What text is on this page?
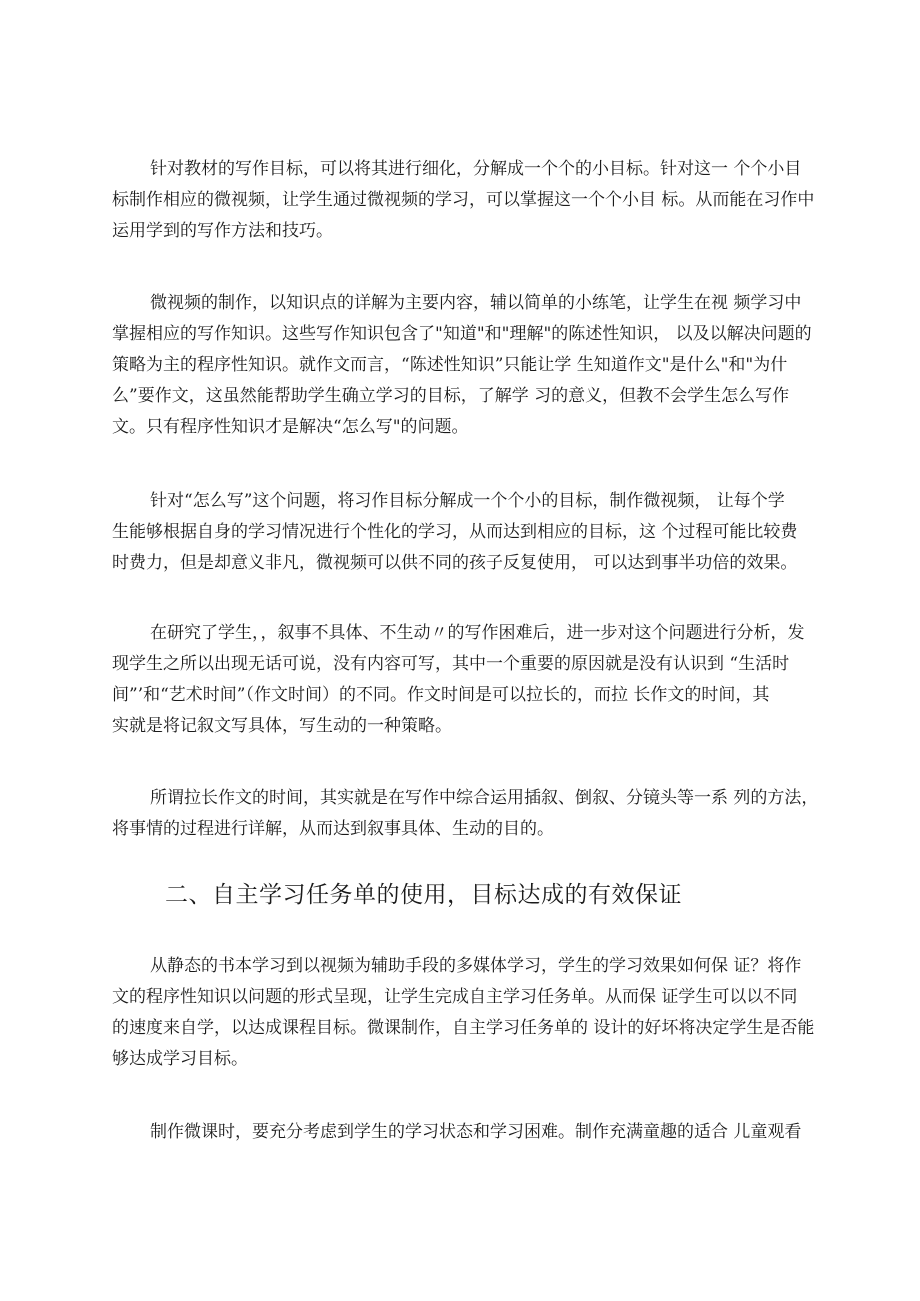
针对教材的写作目标，可以将其进行细化，分解成一个个的小目标。针对这一 个个小目
标制作相应的微视频，让学生通过微视频的学习，可以掌握这一个个小目 标。从而能在习作中
运用学到的写作方法和技巧。

微视频的制作，以知识点的详解为主要内容，辅以简单的小练笔，让学生在视 频学习中
掌握相应的写作知识。这些写作知识包含了"知道"和"理解"的陈述性知识， 以及以解决问题的
策略为主的程序性知识。就作文而言，“陈述性知识”只能让学 生知道作文"是什么"和"为什
么”要作文，这虽然能帮助学生确立学习的目标，了解学 习的意义，但教不会学生怎么写作
文。只有程序性知识才是解决“怎么写"的问题。

针对“怎么写”这个问题，将习作目标分解成一个个小的目标，制作微视频， 让每个学
生能够根据自身的学习情况进行个性化的学习，从而达到相应的目标，这 个过程可能比较费
时费力，但是却意义非凡，微视频可以供不同的孩子反复使用， 可以达到事半功倍的效果。

在研究了学生，，叙事不具体、不生动〃的写作困难后，进一步对这个问题进行分析，发
现学生之所以出现无话可说，没有内容可写，其中一个重要的原因就是没有认识到 “生活时
间”’和“艺术时间”（作文时间）的不同。作文时间是可以拉长的，而拉 长作文的时间，其
实就是将记叙文写具体，写生动的一种策略。

所谓拉长作文的时间，其实就是在写作中综合运用插叙、倒叙、分镜头等一系 列的方法，
将事情的过程进行详解，从而达到叙事具体、生动的目的。

二、自主学习任务单的使用，目标达成的有效保证

从静态的书本学习到以视频为辅助手段的多媒体学习，学生的学习效果如何保 证？将作
文的程序性知识以问题的形式呈现，让学生完成自主学习任务单。从而保 证学生可以以不同
的速度来自学，以达成课程目标。微课制作，自主学习任务单的 设计的好坏将决定学生是否能
够达成学习目标。

制作微课时，要充分考虑到学生的学习状态和学习困难。制作充满童趣的适合 儿童观看
